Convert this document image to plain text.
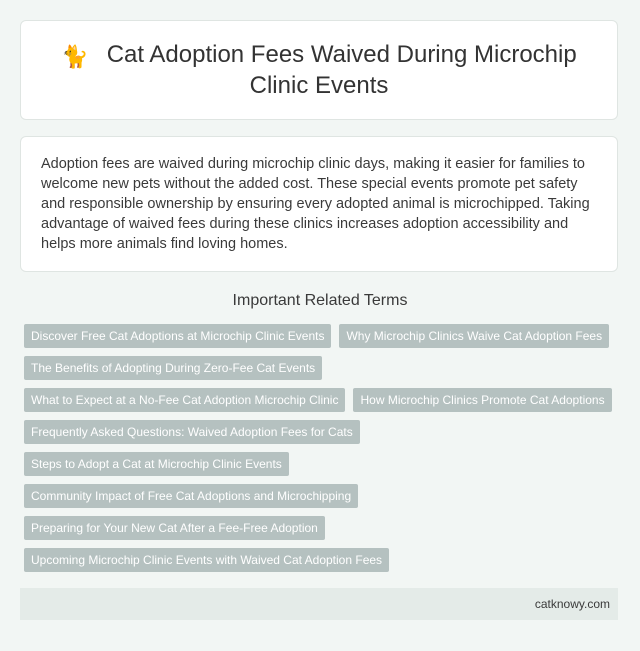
🐈 Cat Adoption Fees Waived During Microchip Clinic Events

Adoption fees are waived during microchip clinic days, making it easier for families to welcome new pets without the added cost. These special events promote pet safety and responsible ownership by ensuring every adopted animal is microchipped. Taking advantage of waived fees during these clinics increases adoption accessibility and helps more animals find loving homes.

Important Related Terms
Discover Free Cat Adoptions at Microchip Clinic Events	Why Microchip Clinics Waive Cat Adoption Fees
The Benefits of Adopting During Zero-Fee Cat Events
What to Expect at a No-Fee Cat Adoption Microchip Clinic	How Microchip Clinics Promote Cat Adoptions
Frequently Asked Questions: Waived Adoption Fees for Cats
Steps to Adopt a Cat at Microchip Clinic Events
Community Impact of Free Cat Adoptions and Microchipping
Preparing for Your New Cat After a Fee-Free Adoption
Upcoming Microchip Clinic Events with Waived Cat Adoption Fees
catknowy.com
